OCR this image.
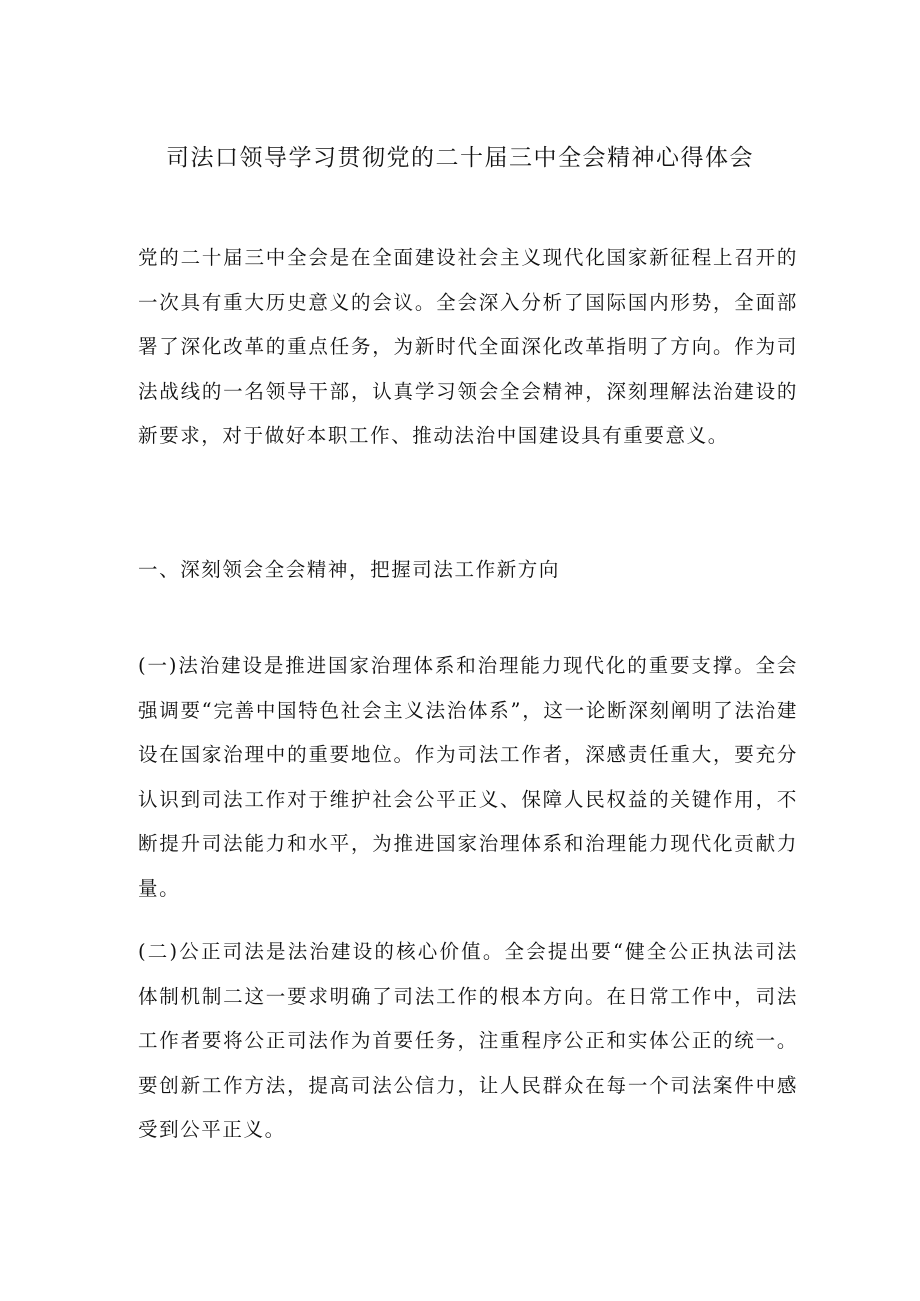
司法口领导学习贯彻党的二十届三中全会精神心得体会

党的二十届三中全会是在全面建设社会主义现代化国家新征程上召开的一次具有重大历史意义的会议。全会深入分析了国际国内形势，全面部署了深化改革的重点任务，为新时代全面深化改革指明了方向。作为司法战线的一名领导干部，认真学习领会全会精神，深刻理解法治建设的新要求，对于做好本职工作、推动法治中国建设具有重要意义。

一、深刻领会全会精神，把握司法工作新方向

(一)法治建设是推进国家治理体系和治理能力现代化的重要支撑。全会强调要“完善中国特色社会主义法治体系”，这一论断深刻阐明了法治建设在国家治理中的重要地位。作为司法工作者，深感责任重大，要充分认识到司法工作对于维护社会公平正义、保障人民权益的关键作用，不断提升司法能力和水平，为推进国家治理体系和治理能力现代化贡献力量。

(二)公正司法是法治建设的核心价值。全会提出要“健全公正执法司法体制机制二这一要求明确了司法工作的根本方向。在日常工作中，司法工作者要将公正司法作为首要任务，注重程序公正和实体公正的统一。要创新工作方法，提高司法公信力，让人民群众在每一个司法案件中感受到公平正义。
